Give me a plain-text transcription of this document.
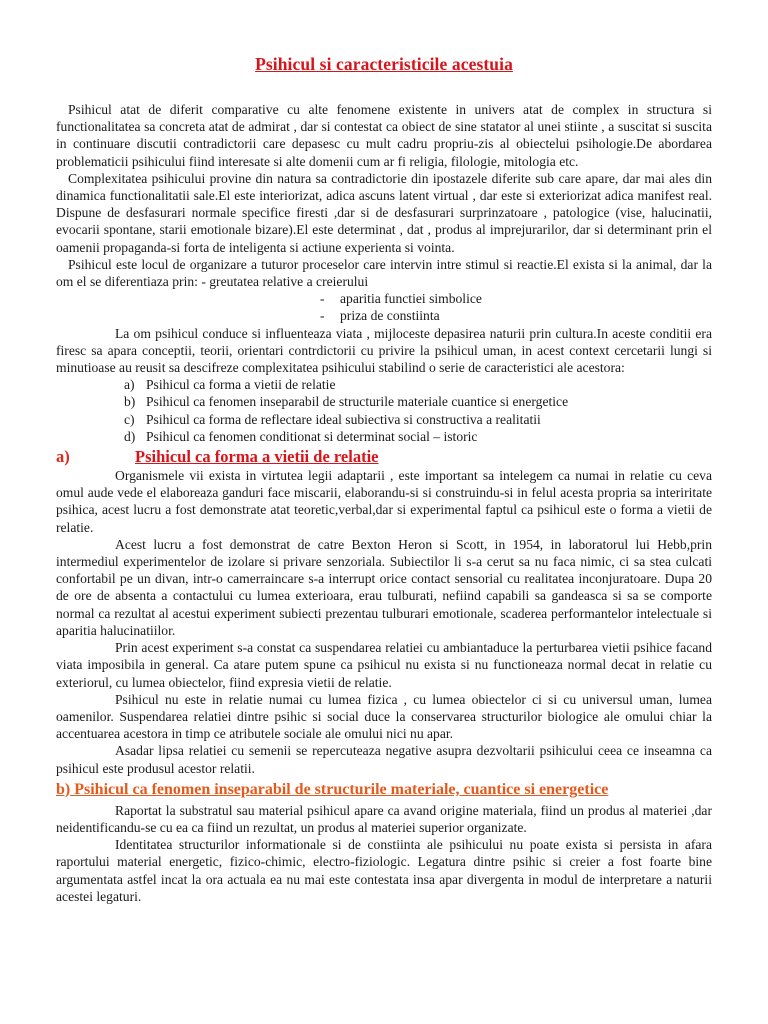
Psihicul si caracteristicile acestuia

Psihicul atat de diferit comparative cu alte fenomene existente in univers atat de complex in structura si functionalitatea sa concreta atat de admirat , dar si contestat ca obiect de sine statator al unei stiinte , a suscitat si suscita in continuare discutii contradictorii care depasesc cu mult cadru propriu-zis al obiectelui psihologie.De abordarea problematicii psihicului fiind interesate si alte domenii cum ar fi religia, filologie, mitologia etc.

Complexitatea psihicului provine din natura sa contradictorie din ipostazele diferite sub care apare, dar mai ales din dinamica functionalitatii sale.El este interiorizat, adica ascuns latent virtual , dar este si exteriorizat adica manifest real. Dispune de desfasurari normale specifice firesti ,dar si de desfasurari surprinzatoare , patologice (vise, halucinatii, evocarii spontane, starii emotionale bizare).El este determinat , dat , produs al imprejurarilor, dar si determinant prin el oamenii propaganda-si forta de inteligenta si actiune experienta si vointa.

Psihicul este locul de organizare a tuturor proceselor care intervin intre stimul si reactie.El exista si la animal, dar la om el se diferentiaza prin: - greutatea relative a creierului

- aparitia functiei simbolice
- priza de constiinta

La om psihicul conduce si influenteaza viata , mijloceste depasirea naturii prin cultura.In aceste conditii era firesc sa apara conceptii, teorii, orientari contrdictorii cu privire la psihicul uman, in acest context cercetarii lungi si minutioase au reusit sa descifreze complexitatea psihicului stabilind o serie de caracteristici ale acestora:

a) Psihicul ca forma a vietii de relatie
b) Psihicul ca fenomen inseparabil de structurile materiale cuantice si energetice
c) Psihicul ca forma de reflectare ideal subiectiva si constructiva a realitatii
d) Psihicul ca fenomen conditionat si determinat social – istoric
a)	Psihicul ca forma a vietii de relatie

Organismele vii exista in virtutea legii adaptarii , este important sa intelegem ca numai in relatie cu ceva omul aude vede el elaboreaza ganduri face miscarii, elaborandu-si si construindu-si in felul acesta propria sa interiritate psihica, acest lucru a fost demonstrate atat teoretic,verbal,dar si experimental faptul ca psihicul este o forma a vietii de relatie.

Acest lucru a fost demonstrat de catre Bexton Heron si Scott, in 1954, in laboratorul lui Hebb,prin intermediul experimentelor de izolare si privare senzoriala. Subiectilor li s-a cerut sa nu faca nimic, ci sa stea culcati confortabil pe un divan, intr-o camerraincare s-a interrupt orice contact sensorial cu realitatea inconjuratoare. Dupa 20 de ore de absenta a contactului cu lumea exterioara, erau tulburati, nefiind capabili sa gandeasca si sa se comporte normal ca rezultat al acestui experiment subiecti prezentau tulburari emotionale, scaderea performantelor intelectuale si aparitia halucinatiilor.

Prin acest experiment s-a constat ca suspendarea relatiei cu ambiantaduce la perturbarea vietii psihice facand viata imposibila in general. Ca atare putem spune ca psihicul nu exista si nu functioneaza normal decat in relatie cu exteriorul, cu lumea obiectelor, fiind expresia vietii de relatie.

Psihicul nu este in relatie numai cu lumea fizica , cu lumea obiectelor ci si cu universul uman, lumea oamenilor. Suspendarea relatiei dintre psihic si social duce la conservarea structurilor biologice ale omului chiar la accentuarea acestora in timp ce atributele sociale ale omului nici nu apar.

Asadar lipsa relatiei cu semenii se repercuteaza negative asupra dezvoltarii psihicului ceea ce inseamna ca psihicul este produsul acestor relatii.

b) Psihicul ca fenomen inseparabil de structurile materiale, cuantice si energetice

Raportat la substratul sau material psihicul apare ca avand origine materiala, fiind un produs al materiei ,dar neidentificandu-se cu ea ca fiind un rezultat, un produs al materiei superior organizate.

Identitatea structurilor informationale si de constiinta ale psihicului nu poate exista si persista in afara raportului material energetic, fizico-chimic, electro-fiziologic. Legatura dintre psihic si creier a fost foarte bine argumentata astfel incat la ora actuala ea nu mai este contestata insa apar divergenta in modul de interpretare a naturii acestei legaturi.
